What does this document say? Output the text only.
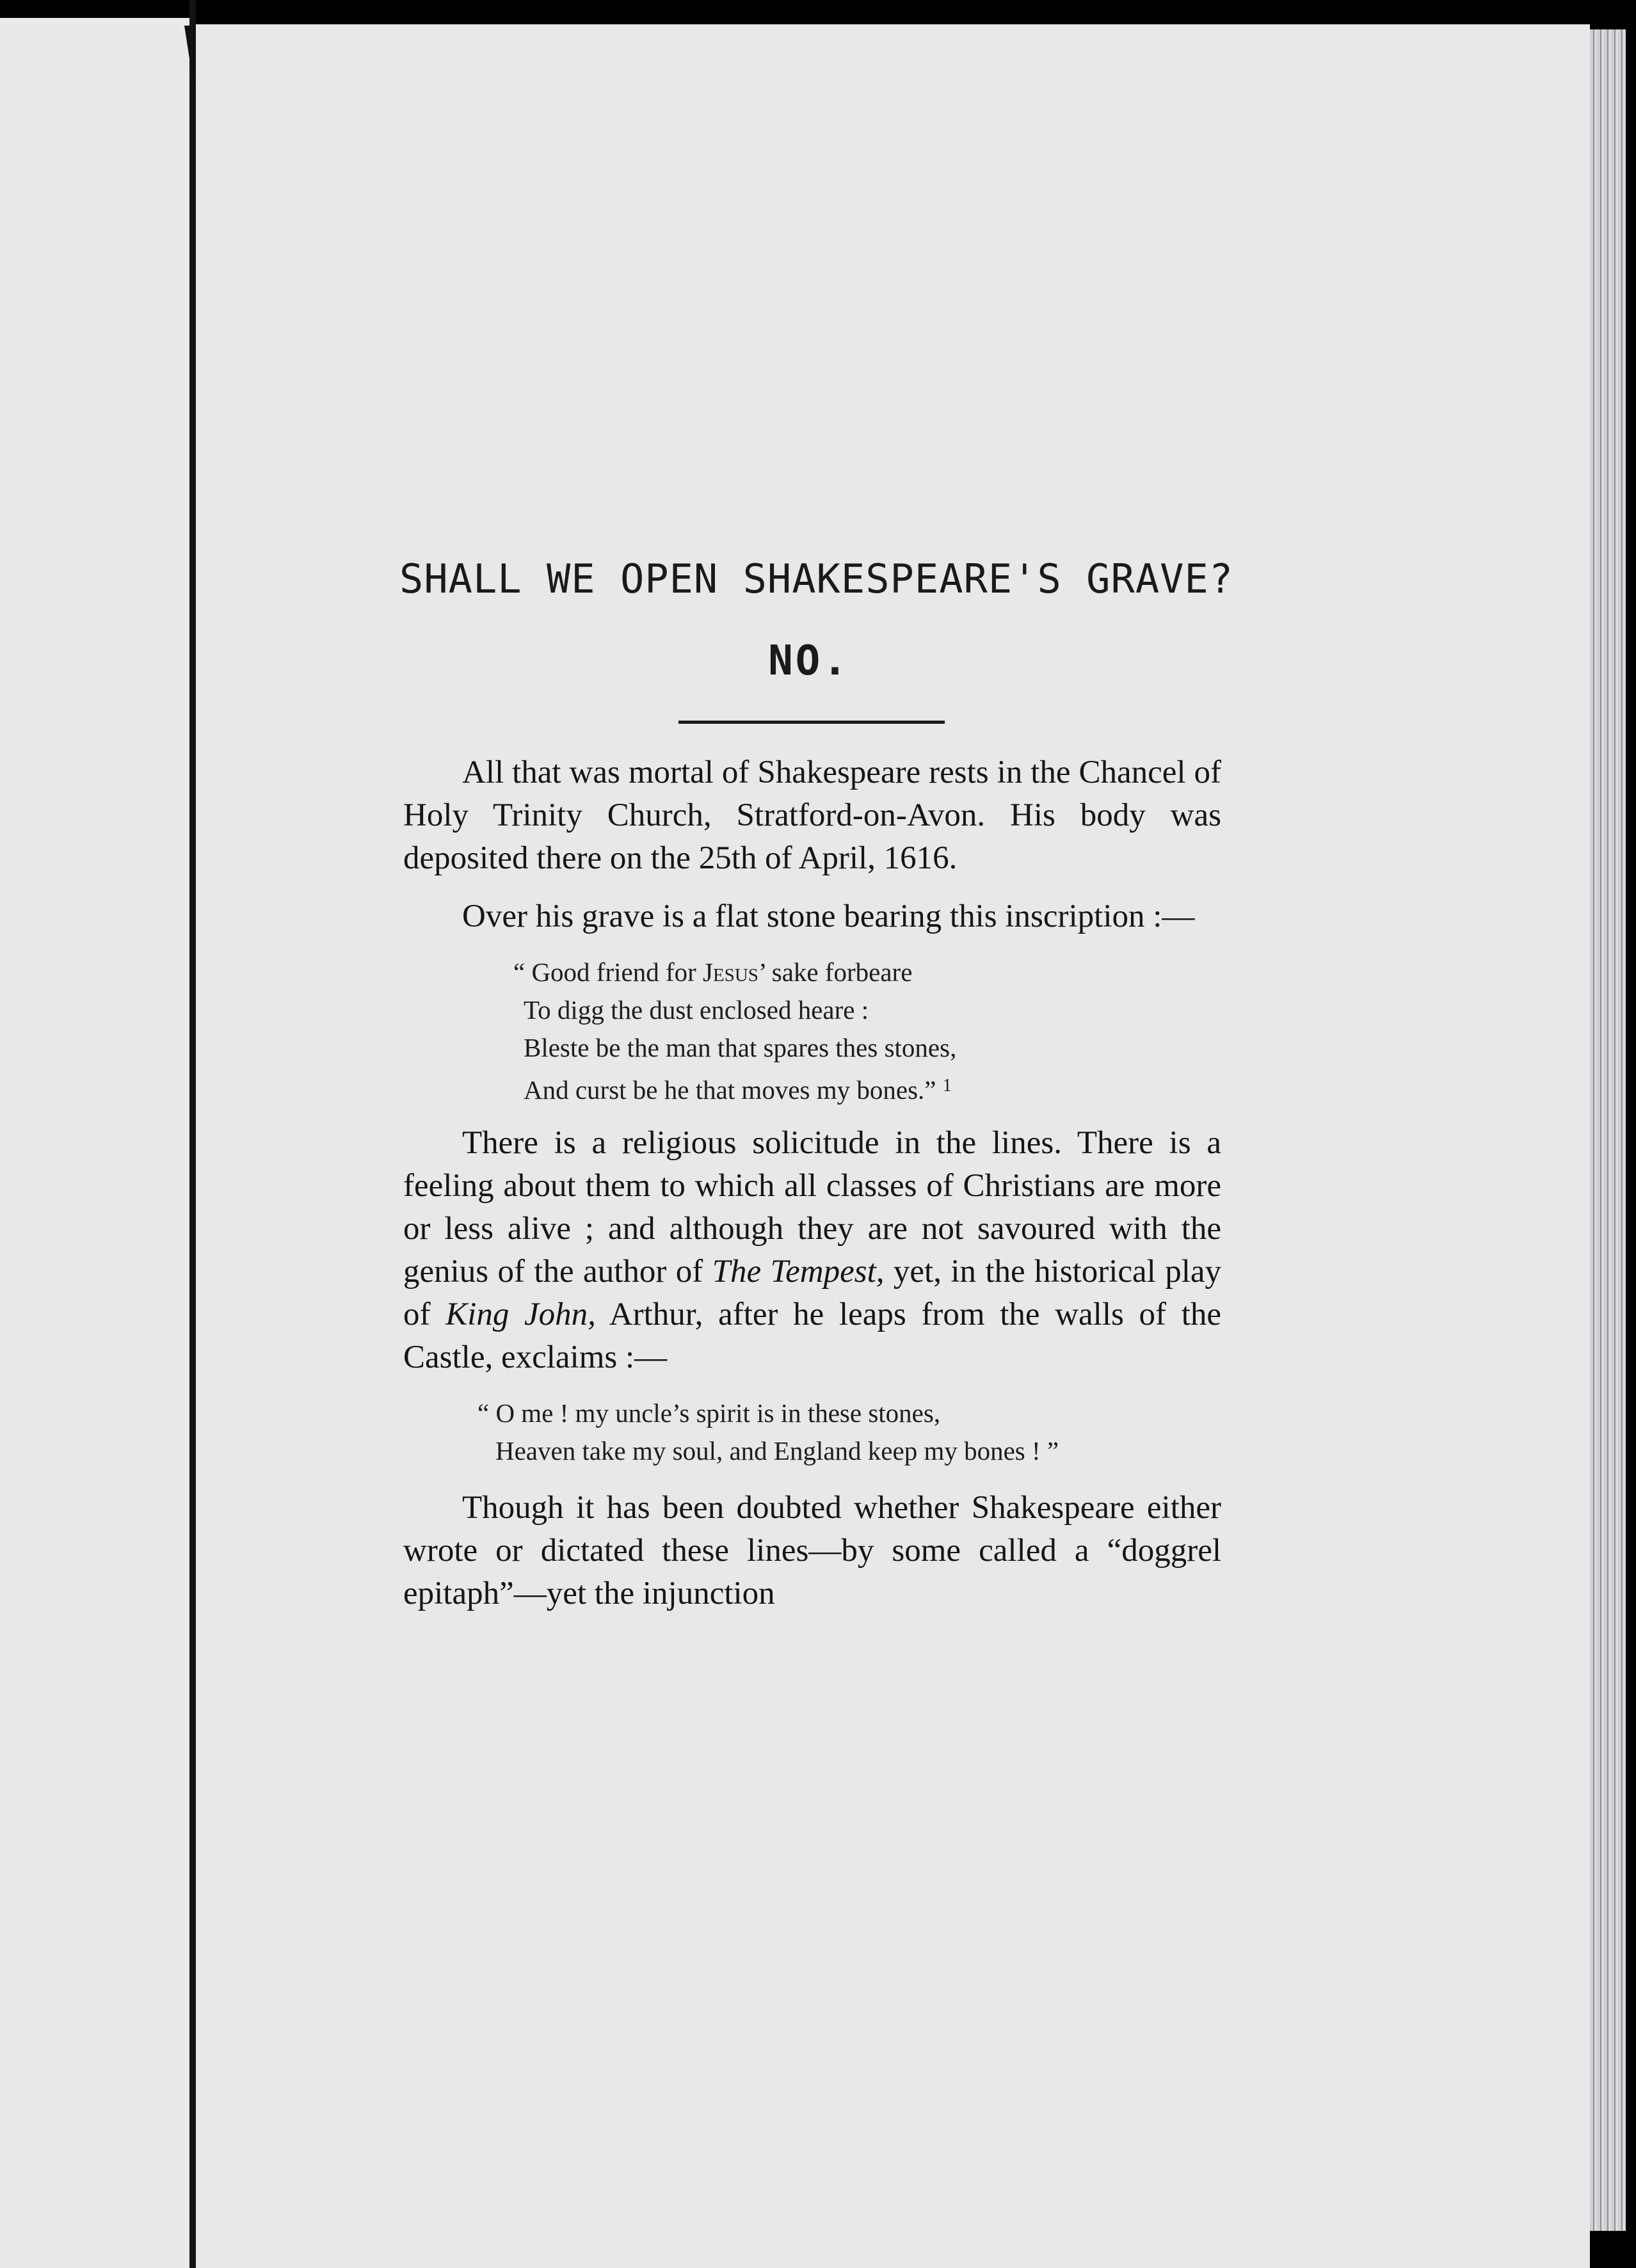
SHALL WE OPEN SHAKESPEARE'S GRAVE?
NO.

All that was mortal of Shakespeare rests in the Chancel of Holy Trinity Church, Stratford-on-Avon. His body was deposited there on the 25th of April, 1616.

Over his grave is a flat stone bearing this inscription :—

“ Good friend for Jesus’ sake forbeare
To digg the dust enclosed heare :
Bleste be the man that spares thes stones,
And curst be he that moves my bones.” $^1$

There is a religious solicitude in the lines. There is a feeling about them to which all classes of Christians are more or less alive ; and although they are not savoured with the genius of the author of The Tempest, yet, in the historical play of King John, Arthur, after he leaps from the walls of the Castle, exclaims :—

“ O me ! my uncle’s spirit is in these stones,
Heaven take my soul, and England keep my bones ! ”

Though it has been doubted whether Shakespeare either wrote or dictated these lines—by some called a “doggrel epitaph”—yet the injunction
